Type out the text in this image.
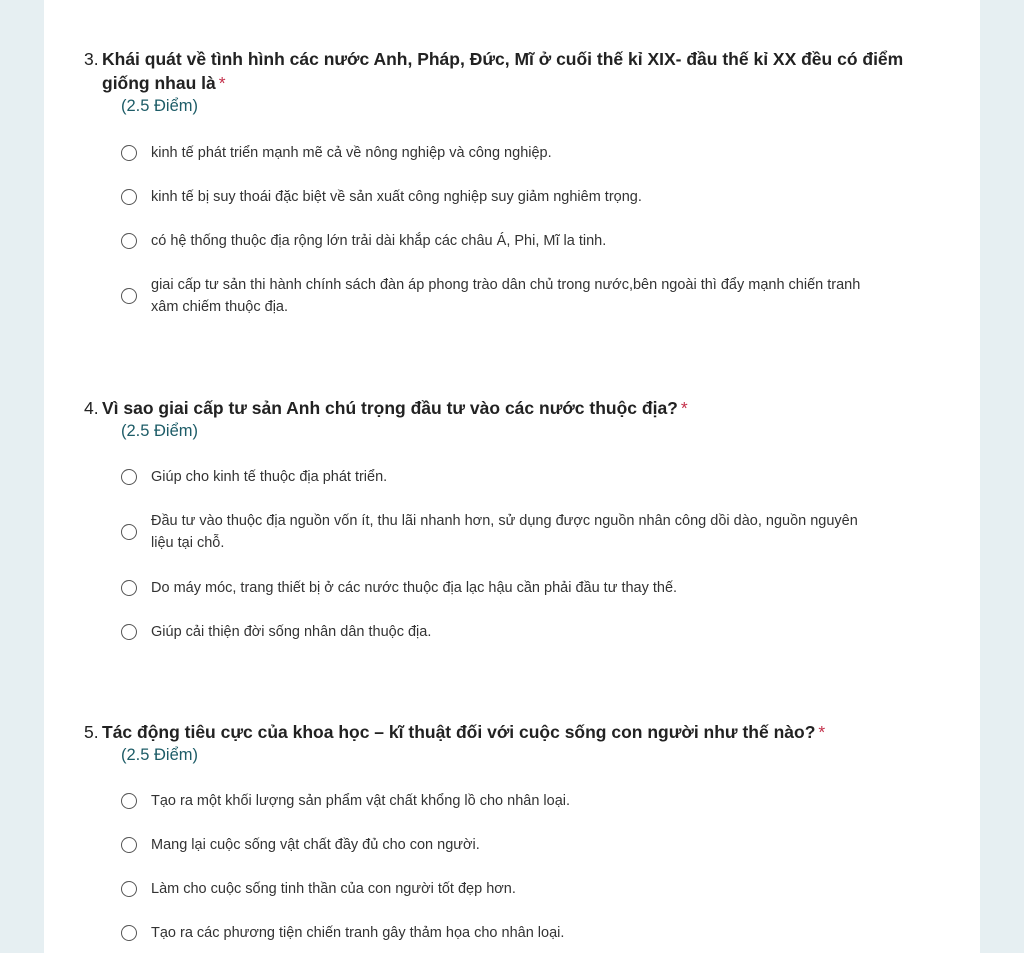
3. Khái quát về tình hình các nước Anh, Pháp, Đức, Mĩ ở cuối thế kỉ XIX- đầu thế kỉ XX đều có điểm giống nhau là *
(2.5 Điểm)
kinh tế phát triển mạnh mẽ cả về nông nghiệp và công nghiệp.
kinh tế bị suy thoái đặc biệt về sản xuất công nghiệp suy giảm nghiêm trọng.
có hệ thống thuộc địa rộng lớn trải dài khắp các châu Á, Phi, Mĩ la tinh.
giai cấp tư sản thi hành chính sách đàn áp phong trào dân chủ trong nước,bên ngoài thì đẩy mạnh chiến tranh xâm chiếm thuộc địa.
4. Vì sao giai cấp tư sản Anh chú trọng đầu tư vào các nước thuộc địa? *
(2.5 Điểm)
Giúp cho kinh tế thuộc địa phát triển.
Đầu tư vào thuộc địa nguồn vốn ít, thu lãi nhanh hơn, sử dụng được nguồn nhân công dồi dào, nguồn nguyên liệu tại chỗ.
Do máy móc, trang thiết bị ở các nước thuộc địa lạc hậu cần phải đầu tư thay thế.
Giúp cải thiện đời sống nhân dân thuộc địa.
5. Tác động tiêu cực của khoa học – kĩ thuật đối với cuộc sống con người như thế nào? *
(2.5 Điểm)
Tạo ra một khối lượng sản phẩm vật chất khổng lồ cho nhân loại.
Mang lại cuộc sống vật chất đầy đủ cho con người.
Làm cho cuộc sống tinh thần của con người tốt đẹp hơn.
Tạo ra các phương tiện chiến tranh gây thảm họa cho nhân loại.
